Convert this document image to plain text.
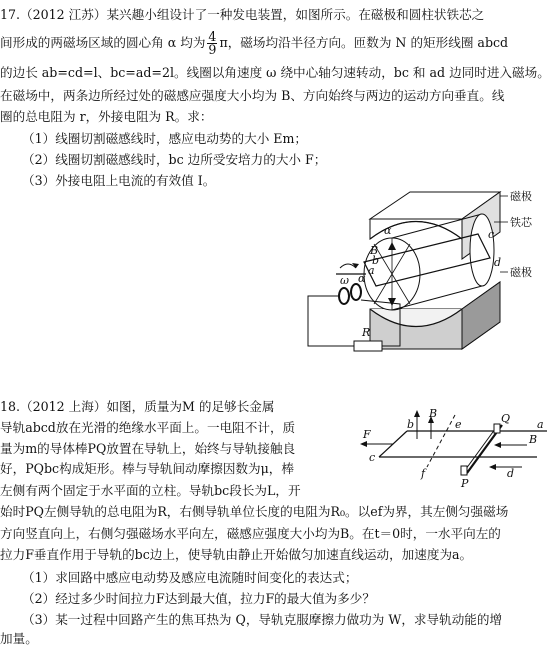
17.（2012 江苏）某兴趣小组设计了一种发电装置，如图所示。在磁极和圆柱状铁芯之
间形成的两磁场区域的圆心角 α 均为 $\frac{4}{9}$ π，磁场均沿半径方向。匝数为 N 的矩形线圈 abcd
的边长 ab=cd=l、bc=ad=2l。线圈以角速度 ω 绕中心轴匀速转动，bc 和 ad 边同时进入磁场。
在磁场中，两条边所经过处的磁感应强度大小均为 B、方向始终与两边的运动方向垂直。线
圈的总电阻为 r，外接电阻为 R。求：
（1）线圈切割磁感线时，感应电动势的大小 Em；
（2）线圈切割磁感线时，bc 边所受安培力的大小 F；
（3）外接电阻上电流的有效值 I。
磁极
铁芯
磁极
B
α
α
ω
a
b
c
d
R
18.（2012 上海）如图，质量为M 的足够长金属
导轨abcd放在光滑的绝缘水平面上。一电阻不计，质
量为m的导体棒PQ放置在导轨上，始终与导轨接触良
好，PQbc构成矩形。棒与导轨间动摩擦因数为μ，棒
左侧有两个固定于水平面的立柱。导轨bc段长为L，开
始时PQ左侧导轨的总电阻为R，右侧导轨单位长度的电阻为R₀。以ef为界，其左侧匀强磁场
方向竖直向上，右侧匀强磁场水平向左，磁感应强度大小均为B。在t＝0时，一水平向左的
拉力F垂直作用于导轨的bc边上，使导轨由静止开始做匀加速直线运动，加速度为a。
（1）求回路中感应电动势及感应电流随时间变化的表达式；
（2）经过多少时间拉力F达到最大值，拉力F的最大值为多少？
（3）某一过程中回路产生的焦耳热为 Q，导轨克服摩擦力做功为 W，求导轨动能的增
加量。
B
B
b	e	Q a
F
c
f
P
d
